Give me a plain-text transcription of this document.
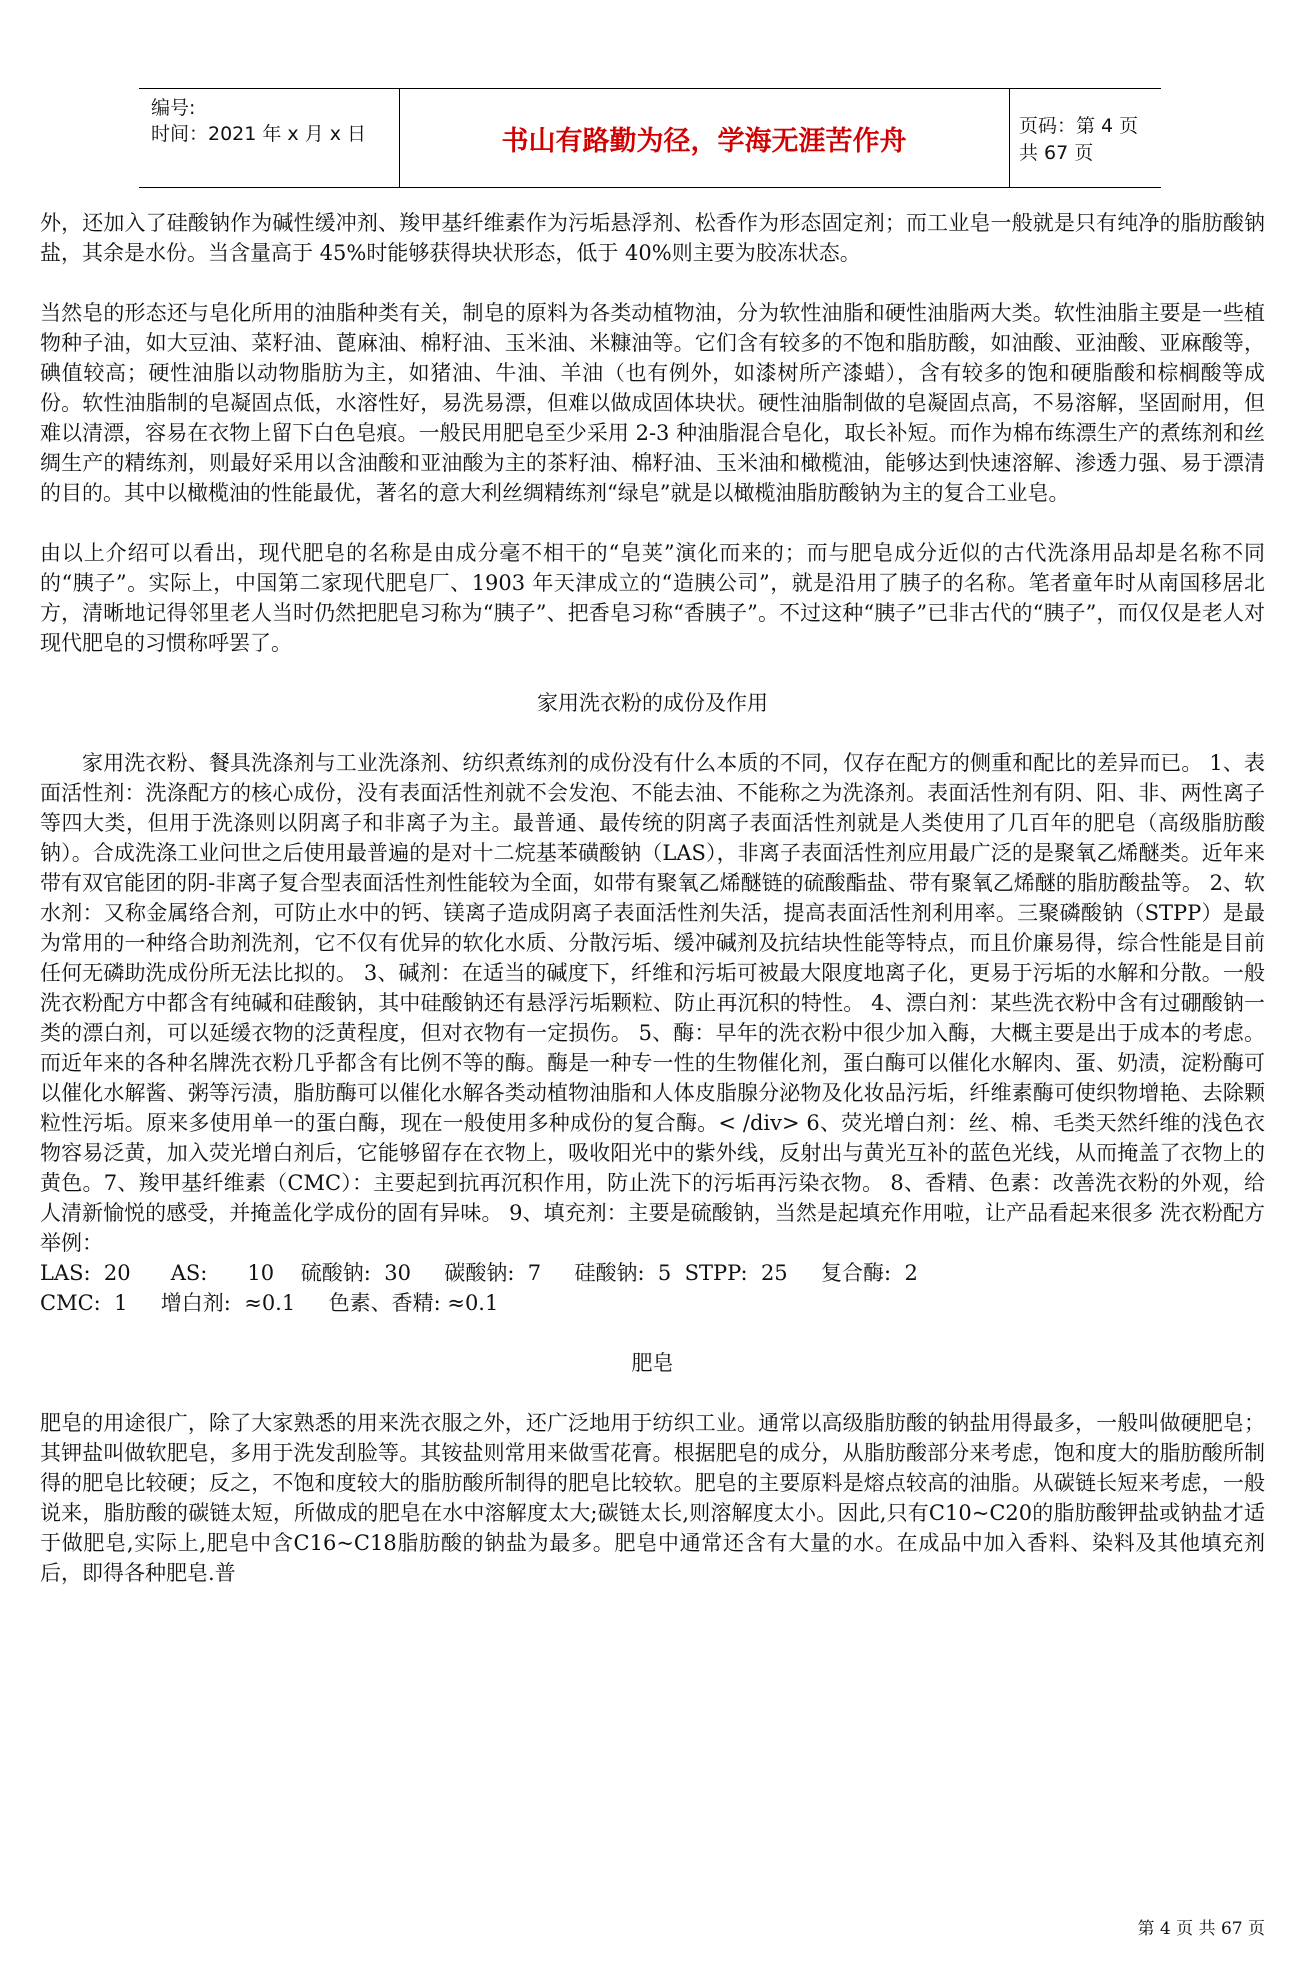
编号:
时间：2021 年 x 月 x 日	书山有路勤为径，学海无涯苦作舟	页码：第 4 页 共 67 页

外，还加入了硅酸钠作为碱性缓冲剂、羧甲基纤维素作为污垢悬浮剂、松香作为形态固定剂；而工业皂一般就是只有纯净的脂肪酸钠盐，其余是水份。当含量高于 45%时能够获得块状形态，低于 40%则主要为胶冻状态。

当然皂的形态还与皂化所用的油脂种类有关，制皂的原料为各类动植物油，分为软性油脂和硬性油脂两大类。软性油脂主要是一些植物种子油，如大豆油、菜籽油、蓖麻油、棉籽油、玉米油、米糠油等。它们含有较多的不饱和脂肪酸，如油酸、亚油酸、亚麻酸等，碘值较高；硬性油脂以动物脂肪为主，如猪油、牛油、羊油（也有例外，如漆树所产漆蜡），含有较多的饱和硬脂酸和棕榈酸等成份。软性油脂制的皂凝固点低，水溶性好，易洗易漂，但难以做成固体块状。硬性油脂制做的皂凝固点高，不易溶解，坚固耐用，但难以清漂，容易在衣物上留下白色皂痕。一般民用肥皂至少采用 2-3 种油脂混合皂化，取长补短。而作为棉布练漂生产的煮练剂和丝绸生产的精练剂，则最好采用以含油酸和亚油酸为主的茶籽油、棉籽油、玉米油和橄榄油，能够达到快速溶解、渗透力强、易于漂清的目的。其中以橄榄油的性能最优，著名的意大利丝绸精练剂“绿皂”就是以橄榄油脂肪酸钠为主的复合工业皂。

由以上介绍可以看出，现代肥皂的名称是由成分毫不相干的“皂荚”演化而来的；而与肥皂成分近似的古代洗涤用品却是名称不同的“胰子”。实际上，中国第二家现代肥皂厂、1903 年天津成立的“造胰公司”，就是沿用了胰子的名称。笔者童年时从南国移居北方，清晰地记得邻里老人当时仍然把肥皂习称为“胰子”、把香皂习称“香胰子”。不过这种“胰子”已非古代的“胰子”，而仅仅是老人对现代肥皂的习惯称呼罢了。

家用洗衣粉的成份及作用

家用洗衣粉、餐具洗涤剂与工业洗涤剂、纺织煮练剂的成份没有什么本质的不同，仅存在配方的侧重和配比的差异而已。 1、表面活性剂：洗涤配方的核心成份，没有表面活性剂就不会发泡、不能去油、不能称之为洗涤剂。表面活性剂有阴、阳、非、两性离子等四大类，但用于洗涤则以阴离子和非离子为主。最普通、最传统的阴离子表面活性剂就是人类使用了几百年的肥皂（高级脂肪酸钠）。合成洗涤工业问世之后使用最普遍的是对十二烷基苯磺酸钠（LAS），非离子表面活性剂应用最广泛的是聚氧乙烯醚类。近年来带有双官能团的阴-非离子复合型表面活性剂性能较为全面，如带有聚氧乙烯醚链的硫酸酯盐、带有聚氧乙烯醚的脂肪酸盐等。 2、软水剂：又称金属络合剂，可防止水中的钙、镁离子造成阴离子表面活性剂失活，提高表面活性剂利用率。三聚磷酸钠（STPP）是最为常用的一种络合助剂洗剂，它不仅有优异的软化水质、分散污垢、缓冲碱剂及抗结块性能等特点，而且价廉易得，综合性能是目前任何无磷助洗成份所无法比拟的。 3、碱剂：在适当的碱度下，纤维和污垢可被最大限度地离子化，更易于污垢的水解和分散。一般洗衣粉配方中都含有纯碱和硅酸钠，其中硅酸钠还有悬浮污垢颗粒、防止再沉积的特性。 4、漂白剂：某些洗衣粉中含有过硼酸钠一类的漂白剂，可以延缓衣物的泛黄程度，但对衣物有一定损伤。 5、酶：早年的洗衣粉中很少加入酶，大概主要是出于成本的考虑。而近年来的各种名牌洗衣粉几乎都含有比例不等的酶。酶是一种专一性的生物催化剂，蛋白酶可以催化水解肉、蛋、奶渍，淀粉酶可以催化水解酱、粥等污渍，脂肪酶可以催化水解各类动植物油脂和人体皮脂腺分泌物及化妆品污垢，纤维素酶可使织物增艳、去除颗粒性污垢。原来多使用单一的蛋白酶，现在一般使用多种成份的复合酶。< /div> 6、荧光增白剂：丝、棉、毛类天然纤维的浅色衣物容易泛黄，加入荧光增白剂后，它能够留存在衣物上，吸收阳光中的紫外线，反射出与黄光互补的蓝色光线，从而掩盖了衣物上的黄色。7、羧甲基纤维素（CMC）：主要起到抗再沉积作用，防止洗下的污垢再污染衣物。 8、香精、色素：改善洗衣粉的外观，给人清新愉悦的感受，并掩盖化学成份的固有异味。 9、填充剂：主要是硫酸钠，当然是起填充作用啦，让产品看起来很多 洗衣粉配方举例：

LAS:  20      AS:      10    硫酸钠:  30     碳酸钠:  7     硅酸钠:  5  STPP:  25     复合酶:  2
CMC:  1     增白剂:  ≈0.1     色素、香精: ≈0.1
肥皂

肥皂的用途很广，除了大家熟悉的用来洗衣服之外，还广泛地用于纺织工业。通常以高级脂肪酸的钠盐用得最多，一般叫做硬肥皂；其钾盐叫做软肥皂，多用于洗发刮脸等。其铵盐则常用来做雪花膏。根据肥皂的成分，从脂肪酸部分来考虑，饱和度大的脂肪酸所制得的肥皂比较硬；反之，不饱和度较大的脂肪酸所制得的肥皂比较软。肥皂的主要原料是熔点较高的油脂。从碳链长短来考虑，一般说来，脂肪酸的碳链太短，所做成的肥皂在水中溶解度太大;碳链太长,则溶解度太小。因此,只有C10~C20的脂肪酸钾盐或钠盐才适于做肥皂,实际上,肥皂中含C16~C18脂肪酸的钠盐为最多。肥皂中通常还含有大量的水。在成品中加入香料、染料及其他填充剂后，即得各种肥皂.普

第 4 页 共 67 页
